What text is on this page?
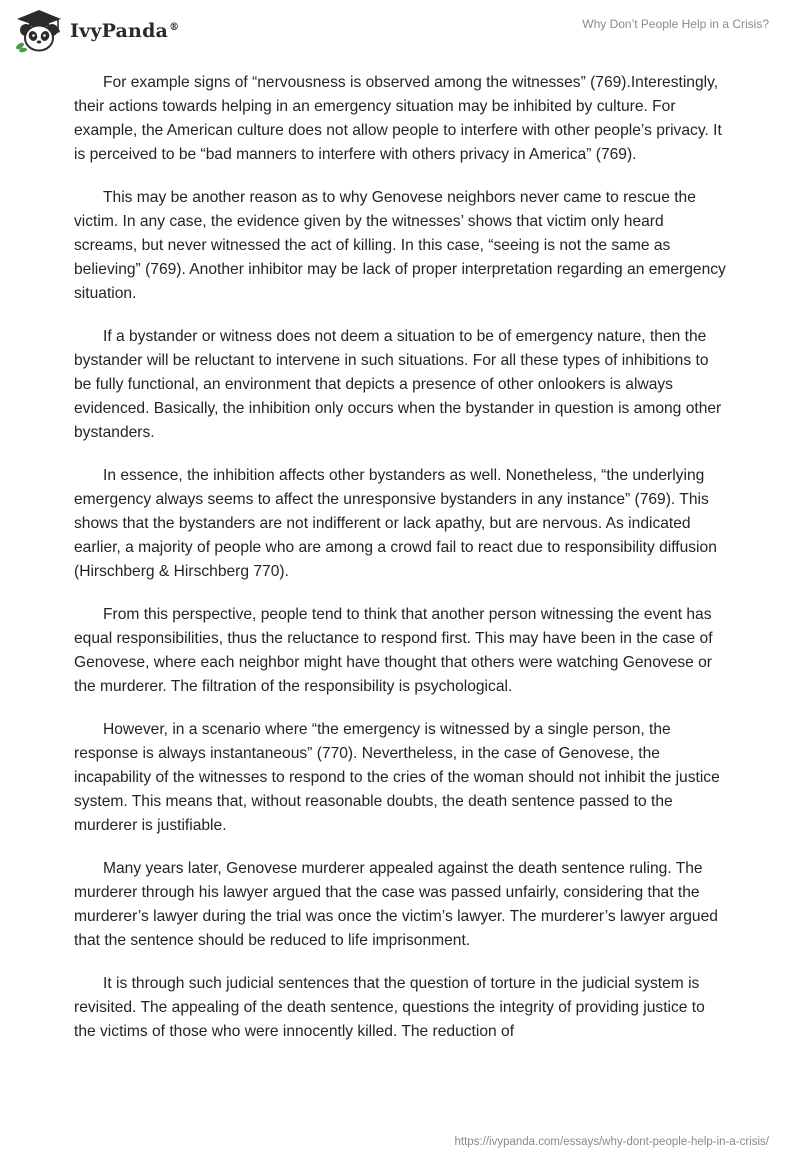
IvyPanda®	Why Don’t People Help in a Crisis?

For example signs of “nervousness is observed among the witnesses” (769).Interestingly, their actions towards helping in an emergency situation may be inhibited by culture. For example, the American culture does not allow people to interfere with other people’s privacy. It is perceived to be “bad manners to interfere with others privacy in America” (769).

This may be another reason as to why Genovese neighbors never came to rescue the victim. In any case, the evidence given by the witnesses’ shows that victim only heard screams, but never witnessed the act of killing. In this case, “seeing is not the same as believing” (769). Another inhibitor may be lack of proper interpretation regarding an emergency situation.

If a bystander or witness does not deem a situation to be of emergency nature, then the bystander will be reluctant to intervene in such situations. For all these types of inhibitions to be fully functional, an environment that depicts a presence of other onlookers is always evidenced. Basically, the inhibition only occurs when the bystander in question is among other bystanders.

In essence, the inhibition affects other bystanders as well. Nonetheless, “the underlying emergency always seems to affect the unresponsive bystanders in any instance” (769). This shows that the bystanders are not indifferent or lack apathy, but are nervous. As indicated earlier, a majority of people who are among a crowd fail to react due to responsibility diffusion (Hirschberg & Hirschberg 770).

From this perspective, people tend to think that another person witnessing the event has equal responsibilities, thus the reluctance to respond first. This may have been in the case of Genovese, where each neighbor might have thought that others were watching Genovese or the murderer. The filtration of the responsibility is psychological.

However, in a scenario where “the emergency is witnessed by a single person, the response is always instantaneous” (770). Nevertheless, in the case of Genovese, the incapability of the witnesses to respond to the cries of the woman should not inhibit the justice system. This means that, without reasonable doubts, the death sentence passed to the murderer is justifiable.

Many years later, Genovese murderer appealed against the death sentence ruling. The murderer through his lawyer argued that the case was passed unfairly, considering that the murderer’s lawyer during the trial was once the victim’s lawyer. The murderer’s lawyer argued that the sentence should be reduced to life imprisonment.

It is through such judicial sentences that the question of torture in the judicial system is revisited. The appealing of the death sentence, questions the integrity of providing justice to the victims of those who were innocently killed. The reduction of

https://ivypanda.com/essays/why-dont-people-help-in-a-crisis/
